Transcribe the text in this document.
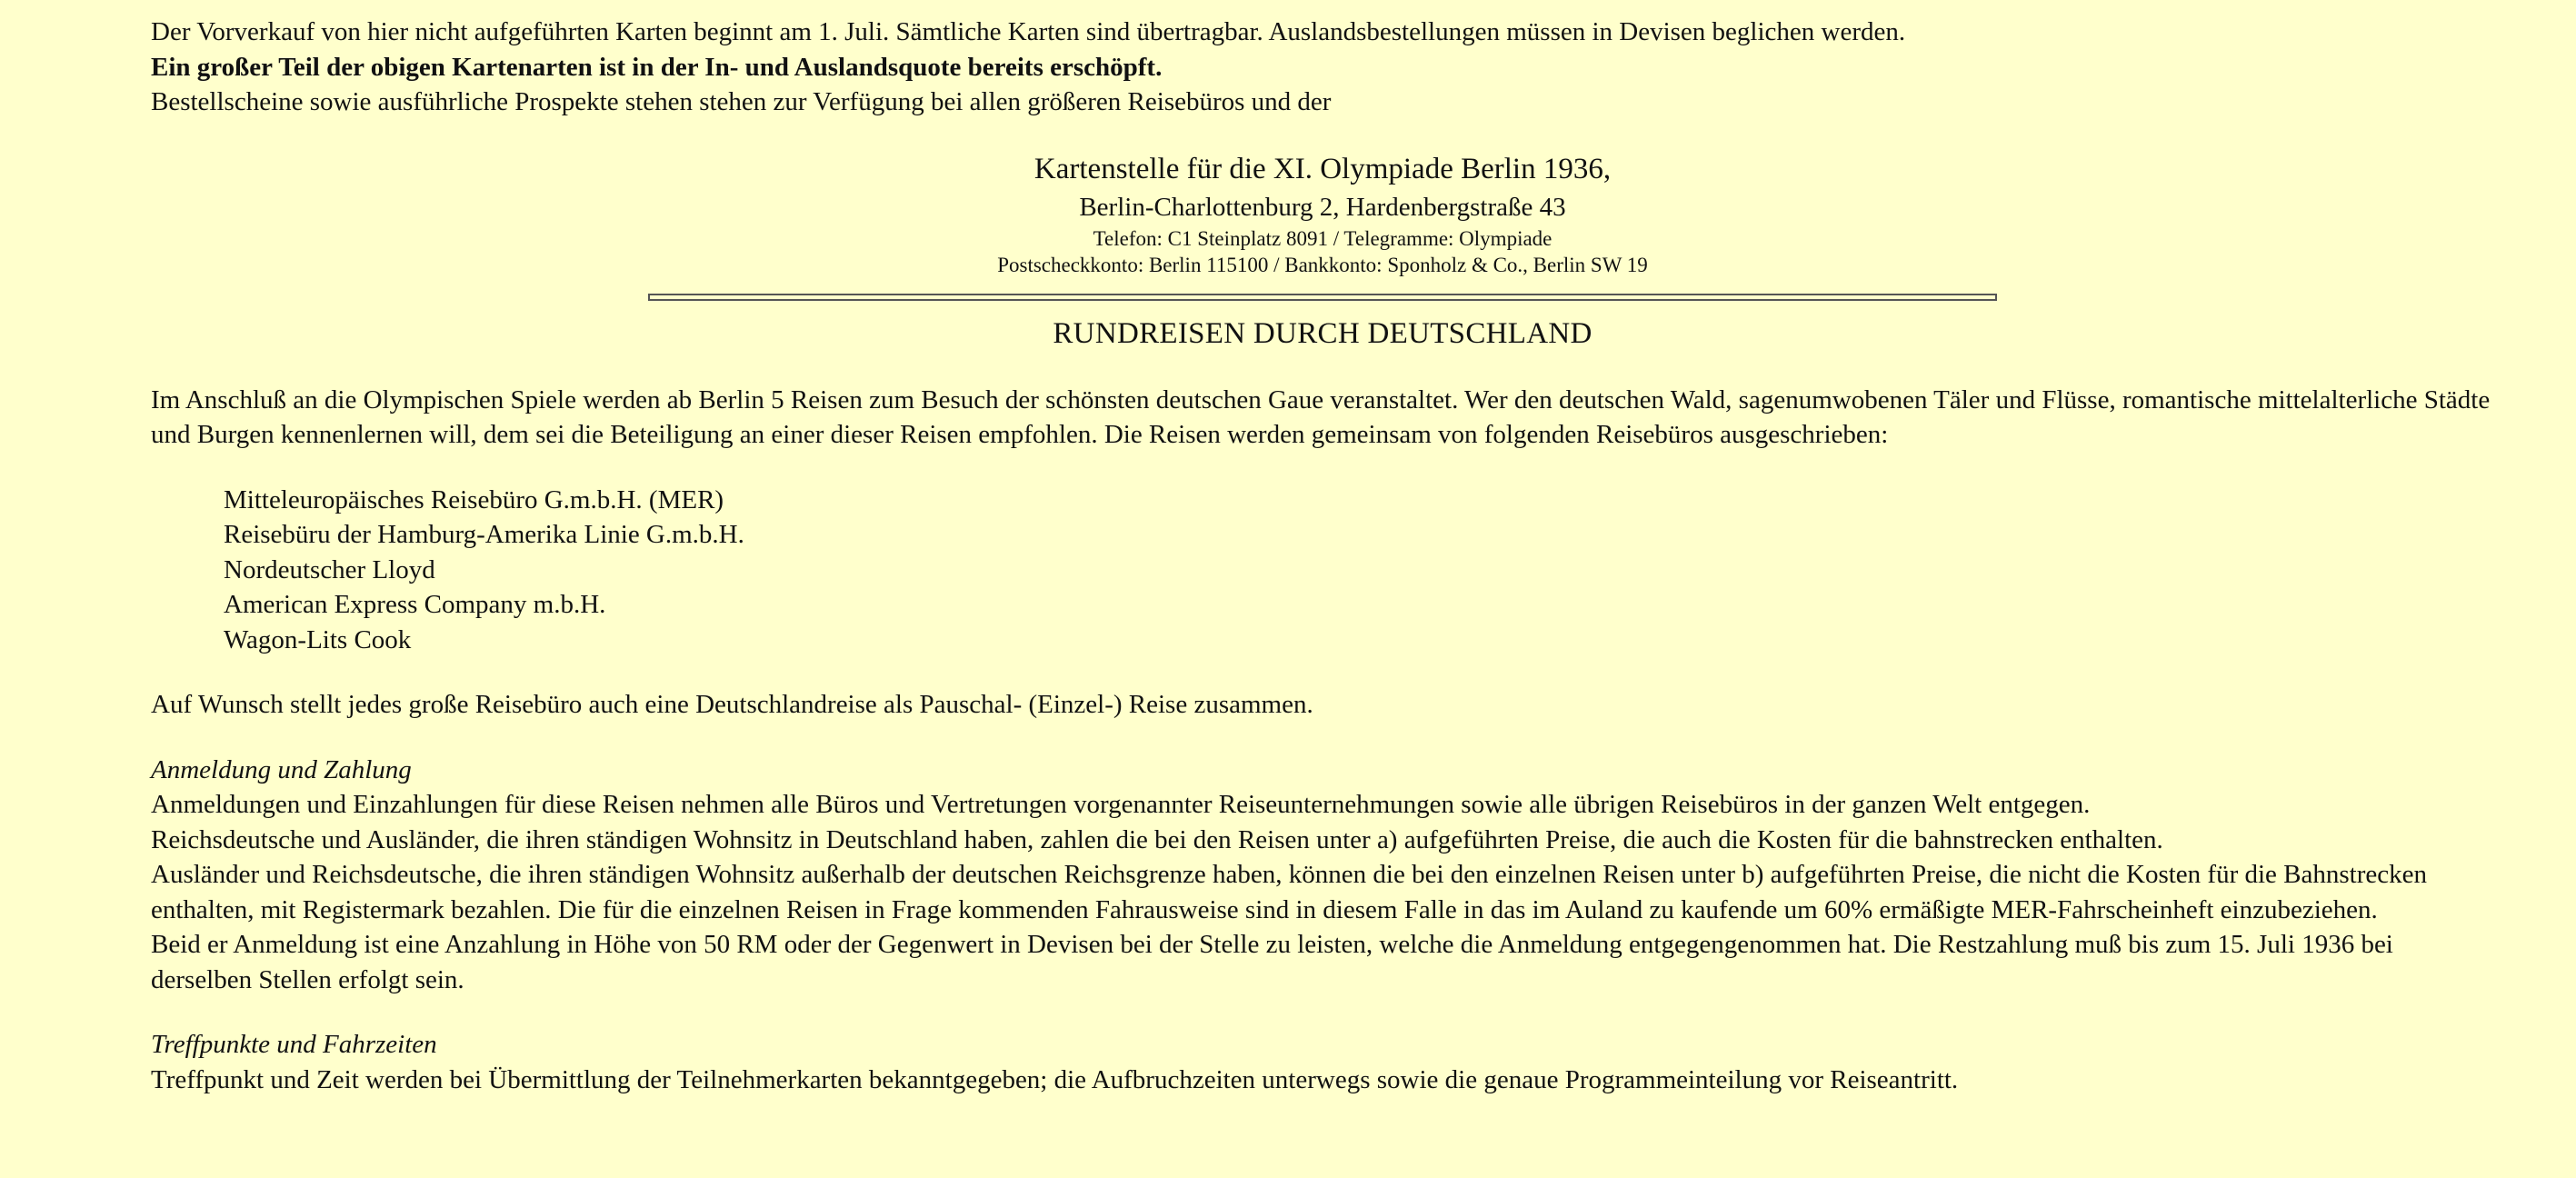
Der Vorverkauf von hier nicht aufgeführten Karten beginnt am 1. Juli. Sämtliche Karten sind übertragbar. Auslandsbestellungen müssen in Devisen beglichen werden.

Ein großer Teil der obigen Kartenarten ist in der In- und Auslandsquote bereits erschöpft.

Bestellscheine sowie ausführliche Prospekte stehen stehen zur Verfügung bei allen größeren Reisebüros und der

Kartenstelle für die XI. Olympiade Berlin 1936,

Berlin-Charlottenburg 2, Hardenbergstraße 43

Telefon: C1 Steinplatz 8091 / Telegramme: Olympiade

Postscheckkonto: Berlin 115100 / Bankkonto: Sponholz & Co., Berlin SW 19

RUNDREISEN DURCH DEUTSCHLAND

Im Anschluß an die Olympischen Spiele werden ab Berlin 5 Reisen zum Besuch der schönsten deutschen Gaue veranstaltet. Wer den deutschen Wald, sagenumwobenen Täler und Flüsse, romantische mittelalterliche Städte und Burgen kennenlernen will, dem sei die Beteiligung an einer dieser Reisen empfohlen. Die Reisen werden gemeinsam von folgenden Reisebüros ausgeschrieben:

Mitteleuropäisches Reisebüro G.m.b.H. (MER)
Reisebüru der Hamburg-Amerika Linie G.m.b.H.
Nordeutscher Lloyd
American Express Company m.b.H.
Wagon-Lits Cook

Auf Wunsch stellt jedes große Reisebüro auch eine Deutschlandreise als Pauschal- (Einzel-) Reise zusammen.

Anmeldung und Zahlung

Anmeldungen und Einzahlungen für diese Reisen nehmen alle Büros und Vertretungen vorgenannter Reiseunternehmungen sowie alle übrigen Reisebüros in der ganzen Welt entgegen.

Reichsdeutsche und Ausländer, die ihren ständigen Wohnsitz in Deutschland haben, zahlen die bei den Reisen unter a) aufgeführten Preise, die auch die Kosten für die bahnstrecken enthalten.

Ausländer und Reichsdeutsche, die ihren ständigen Wohnsitz außerhalb der deutschen Reichsgrenze haben, können die bei den einzelnen Reisen unter b) aufgeführten Preise, die nicht die Kosten für die Bahnstrecken enthalten, mit Registermark bezahlen. Die für die einzelnen Reisen in Frage kommenden Fahrausweise sind in diesem Falle in das im Auland zu kaufende um 60% ermäßigte MER-Fahrscheinheft einzubeziehen.

Beid er Anmeldung ist eine Anzahlung in Höhe von 50 RM oder der Gegenwert in Devisen bei der Stelle zu leisten, welche die Anmeldung entgegengenommen hat. Die Restzahlung muß bis zum 15. Juli 1936 bei derselben Stellen erfolgt sein.

Treffpunkte und Fahrzeiten

Treffpunkt und Zeit werden bei Übermittlung der Teilnehmerkarten bekanntgegeben; die Aufbruchzeiten unterwegs sowie die genaue Programmeinteilung vor Reiseantritt.
